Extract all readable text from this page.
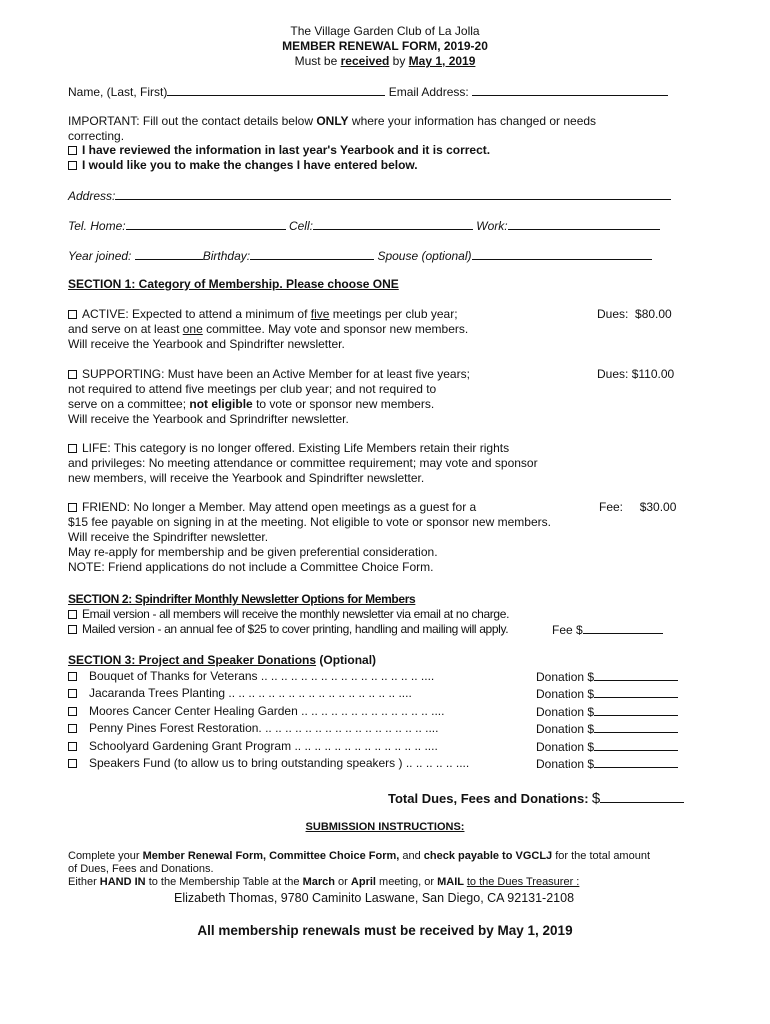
The Village Garden Club of La Jolla
MEMBER RENEWAL FORM, 2019-20
Must be received by May 1, 2019
Name, (Last, First)	Email Address:
IMPORTANT: Fill out the contact details below ONLY where your information has changed or needs
correcting.
I have reviewed the information in last year's Yearbook and it is correct.
I would like you to make the changes I have entered below.
Address:
Tel. Home:	Cell:	Work:
Year joined:	Birthday:	Spouse (optional)
SECTION 1: Category of Membership. Please choose ONE
ACTIVE: Expected to attend a minimum of five meetings per club year;
and serve on at least one committee. May vote and sponsor new members.
Will receive the Yearbook and Spindrifter newsletter.
Dues: $80.00
SUPPORTING: Must have been an Active Member for at least five years;
not required to attend five meetings per club year; and not required to
serve on a committee; not eligible to vote or sponsor new members.
Will receive the Yearbook and Sprindrifter newsletter.
Dues: $110.00
LIFE: This category is no longer offered. Existing Life Members retain their rights
and privileges: No meeting attendance or committee requirement; may vote and sponsor
new members, will receive the Yearbook and Spindrifter newsletter.
FRIEND: No longer a Member. May attend open meetings as a guest for a
$15 fee payable on signing in at the meeting. Not eligible to vote or sponsor new members.
Will receive the Spindrifter newsletter.
May re-apply for membership and be given preferential consideration.
NOTE: Friend applications do not include a Committee Choice Form.
Fee: $30.00
SECTION 2: Spindrifter Monthly Newsletter Options for Members
Email version - all members will receive the monthly newsletter via email at no charge.
Mailed version - an annual fee of $25 to cover printing, handling and mailing will apply.	Fee $
SECTION 3: Project and Speaker Donations (Optional)
Bouquet of Thanks for Veterans .. .. .. .. .. .. .. .. .. .. .. .. .. .. .. .. ....	Donation $
Jacaranda Trees Planting .. .. .. .. .. .. .. .. .. .. .. .. .. .. .. .. .. ....	Donation $
Moores Cancer Center Healing Garden .. .. .. .. .. .. .. .. .. .. .. .. .. ....	Donation $
Penny Pines Forest Restoration. .. .. .. .. .. .. .. .. .. .. .. .. .. .. .. .. ....	Donation $
Schoolyard Gardening Grant Program .. .. .. .. .. .. .. .. .. .. .. .. .. ....	Donation $
Speakers Fund (to allow us to bring outstanding speakers ) .. .. .. .. .. ....	Donation $
Total Dues, Fees and Donations: $
SUBMISSION INSTRUCTIONS:
Complete your Member Renewal Form, Committee Choice Form, and check payable to VGCLJ for the total amount
of Dues, Fees and Donations.
Either HAND IN to the Membership Table at the March or April meeting, or MAIL to the Dues Treasurer :
Elizabeth Thomas, 9780 Caminito Laswane, San Diego, CA 92131-2108
All membership renewals must be received by May 1, 2019
